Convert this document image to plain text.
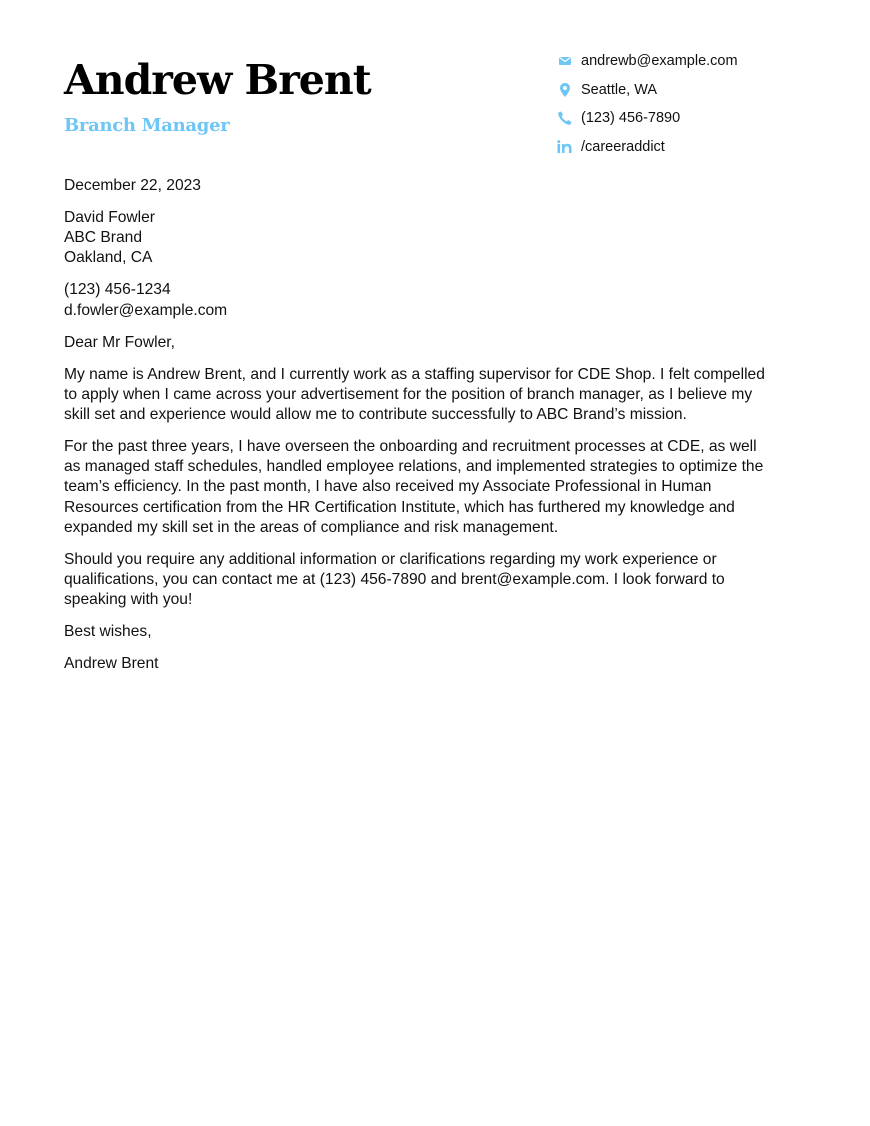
Andrew Brent
Branch Manager
andrewb@example.com
Seattle, WA
(123) 456-7890
/careeraddict

December 22, 2023

David Fowler
ABC Brand
Oakland, CA

(123) 456-1234
d.fowler@example.com

Dear Mr Fowler,

My name is Andrew Brent, and I currently work as a staffing supervisor for CDE Shop. I felt compelled to apply when I came across your advertisement for the position of branch manager, as I believe my skill set and experience would allow me to contribute successfully to ABC Brand’s mission.

For the past three years, I have overseen the onboarding and recruitment processes at CDE, as well as managed staff schedules, handled employee relations, and implemented strategies to optimize the team’s efficiency. In the past month, I have also received my Associate Professional in Human Resources certification from the HR Certification Institute, which has furthered my knowledge and expanded my skill set in the areas of compliance and risk management.

Should you require any additional information or clarifications regarding my work experience or qualifications, you can contact me at (123) 456-7890 and brent@example.com. I look forward to speaking with you!

Best wishes,

Andrew Brent
